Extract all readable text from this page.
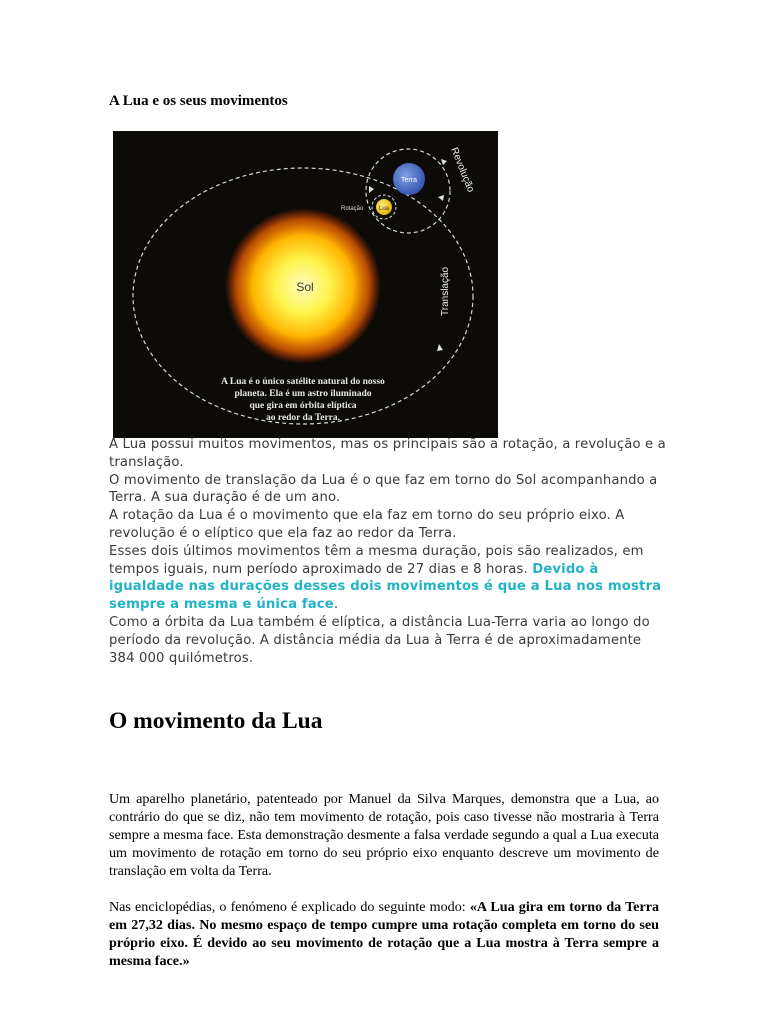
A Lua e os seus movimentos
Sol
Terra
Lua
Rotação
Revolução
Translação
A Lua é o único satélite natural do nosso
planeta. Ela é um astro iluminado
que gira em órbita elíptica
ao redor da Terra.

A Lua possui muitos movimentos, mas os principais são a rotação, a revolução e a translação.

O movimento de translação da Lua é o que faz em torno do Sol acompanhando a Terra. A sua duração é de um ano.

A rotação da Lua é o movimento que ela faz em torno do seu próprio eixo. A revolução é o elíptico que ela faz ao redor da Terra.

Esses dois últimos movimentos têm a mesma duração, pois são realizados, em tempos iguais, num período aproximado de 27 dias e 8 horas. Devido à igualdade nas durações desses dois movimentos é que a Lua nos mostra sempre a mesma e única face.

Como a órbita da Lua também é elíptica, a distância Lua-Terra varia ao longo do período da revolução. A distância média da Lua à Terra é de aproximadamente 384 000 quilómetros.

O movimento da Lua

Um aparelho planetário, patenteado por Manuel da Silva Marques, demonstra que a Lua, ao contrário do que se diz, não tem movimento de rotação, pois caso tivesse não mostraria à Terra sempre a mesma face. Esta demonstração desmente a falsa verdade segundo a qual a Lua executa um movimento de rotação em torno do seu próprio eixo enquanto descreve um movimento de translação em volta da Terra.

Nas enciclopédias, o fenómeno é explicado do seguinte modo: «A Lua gira em torno da Terra em 27,32 dias. No mesmo espaço de tempo cumpre uma rotação completa em torno do seu próprio eixo. É devido ao seu movimento de rotação que a Lua mostra à Terra sempre a mesma face.»
